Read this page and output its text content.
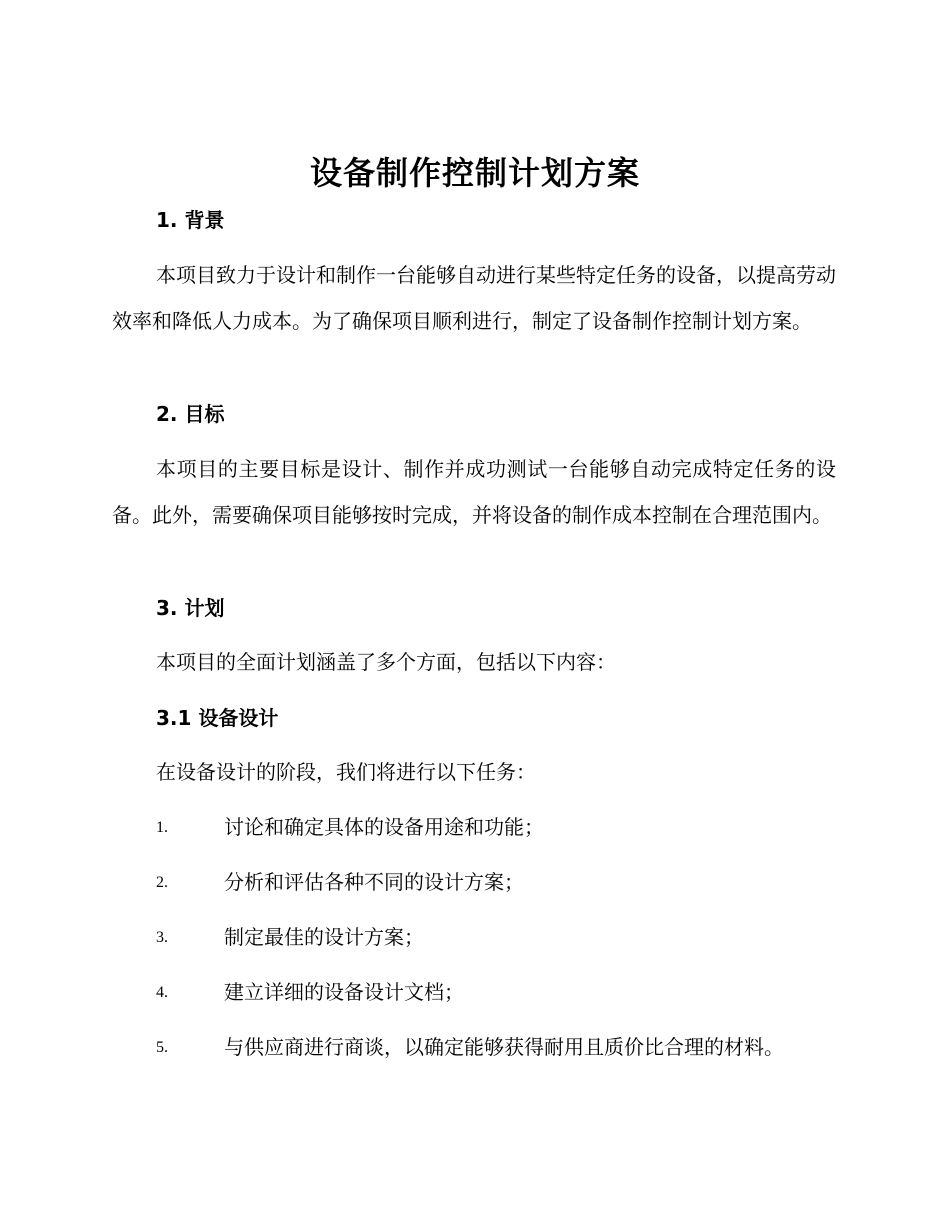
设备制作控制计划方案
1. 背景
本项目致力于设计和制作一台能够自动进行某些特定任务的设备，以提高劳动效率和降低人力成本。为了确保项目顺利进行，制定了设备制作控制计划方案。
2. 目标
本项目的主要目标是设计、制作并成功测试一台能够自动完成特定任务的设备。此外，需要确保项目能够按时完成，并将设备的制作成本控制在合理范围内。
3. 计划
本项目的全面计划涵盖了多个方面，包括以下内容：
3.1 设备设计
在设备设计的阶段，我们将进行以下任务：
1.	讨论和确定具体的设备用途和功能；
2.	分析和评估各种不同的设计方案；
3.	制定最佳的设计方案；
4.	建立详细的设备设计文档；
5.	与供应商进行商谈，以确定能够获得耐用且质价比合理的材料。
